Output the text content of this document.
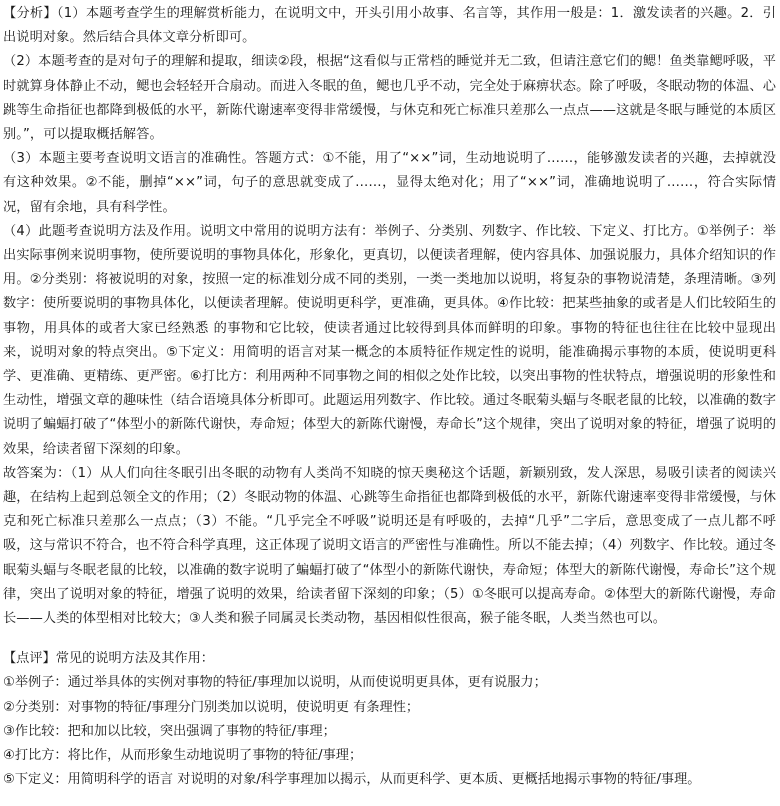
【分析】（1）本题考查学生的理解赏析能力，在说明文中，开头引用小故事、名言等，其作用一般是：1．激发读者的兴趣。2．引出说明对象。然后结合具体文章分析即可。

（2）本题考查的是对句子的理解和提取，细读②段，根据“这看似与正常档的睡觉并无二致，但请注意它们的鳃！鱼类靠鳃呼吸，平时就算身体静止不动，鳃也会轻轻开合扇动。而进入冬眠的鱼，鳃也几乎不动，完全处于麻痹状态。除了呼吸，冬眠动物的体温、心跳等生命指征也都降到极低的水平，新陈代谢速率变得非常缓慢，与休克和死亡标准只差那么一点点——这就是冬眠与睡觉的本质区别。”，可以提取概括解答。

（3）本题主要考查说明文语言的准确性。答题方式：①不能，用了“××”词，生动地说明了……，能够激发读者的兴趣，去掉就没有这种效果。②不能，删掉“××”词，句子的意思就变成了……，显得太绝对化；用了“××”词，准确地说明了……，符合实际情况，留有余地，具有科学性。

（4）此题考查说明方法及作用。说明文中常用的说明方法有：举例子、分类别、列数字、作比较、下定义、打比方。①举例子：举出实际事例来说明事物，使所要说明的事物具体化，形象化，更真切，以便读者理解，使内容具体、加强说服力，具体介绍知识的作用。②分类别：将被说明的对象，按照一定的标准划分成不同的类别，一类一类地加以说明，将复杂的事物说清楚，条理清晰。③列数字：使所要说明的事物具体化，以便读者理解。使说明更科学，更准确，更具体。④作比较：把某些抽象的或者是人们比较陌生的事物，用具体的或者大家已经熟悉 的事物和它比较，使读者通过比较得到具体而鲜明的印象。事物的特征也往往在比较中显现出来，说明对象的特点突出。⑤下定义：用简明的语言对某一概念的本质特征作规定性的说明，能准确揭示事物的本质，使说明更科学、更准确、更精练、更严密。⑥打比方：利用两种不同事物之间的相似之处作比较，以突出事物的性状特点，增强说明的形象性和生动性，增强文章的趣味性（结合语境具体分析即可。此题运用列数字、作比较。通过冬眠菊头蝠与冬眠老鼠的比较，以准确的数字说明了蝙蝠打破了“体型小的新陈代谢快，寿命短；体型大的新陈代谢慢，寿命长”这个规律，突出了说明对象的特征，增强了说明的效果，给读者留下深刻的印象。

故答案为：（1）从人们向往冬眠引出冬眠的动物有人类尚不知晓的惊天奥秘这个话题，新颖别致，发人深思，易吸引读者的阅读兴趣，在结构上起到总领全文的作用；（2）冬眠动物的体温、心跳等生命指征也都降到极低的水平，新陈代谢速率变得非常缓慢，与休克和死亡标准只差那么一点点；（3）不能。“几乎完全不呼吸”说明还是有呼吸的，去掉“几乎”二字后，意思变成了一点儿都不呼吸，这与常识不符合，也不符合科学真理，这正体现了说明文语言的严密性与准确性。所以不能去掉；（4）列数字、作比较。通过冬眠菊头蝠与冬眠老鼠的比较，以准确的数字说明了蝙蝠打破了“体型小的新陈代谢快，寿命短；体型大的新陈代谢慢，寿命长”这个规律，突出了说明对象的特征，增强了说明的效果，给读者留下深刻的印象；（5）①冬眠可以提高寿命。②体型大的新陈代谢慢，寿命长——人类的体型相对比较大；③人类和猴子同属灵长类动物，基因相似性很高，猴子能冬眠，人类当然也可以。

【点评】常见的说明方法及其作用：

①举例子：通过举具体的实例对事物的特征/事理加以说明，从而使说明更具体，更有说服力；

②分类别：对事物的特征/事理分门别类加以说明，使说明更 有条理性；

③作比较：把和加以比较，突出强调了事物的特征/事理；

④打比方：将比作，从而形象生动地说明了事物的特征/事理；

⑤下定义：用简明科学的语言 对说明的对象/科学事理加以揭示，从而更科学、更本质、更概括地揭示事物的特征/事理。
